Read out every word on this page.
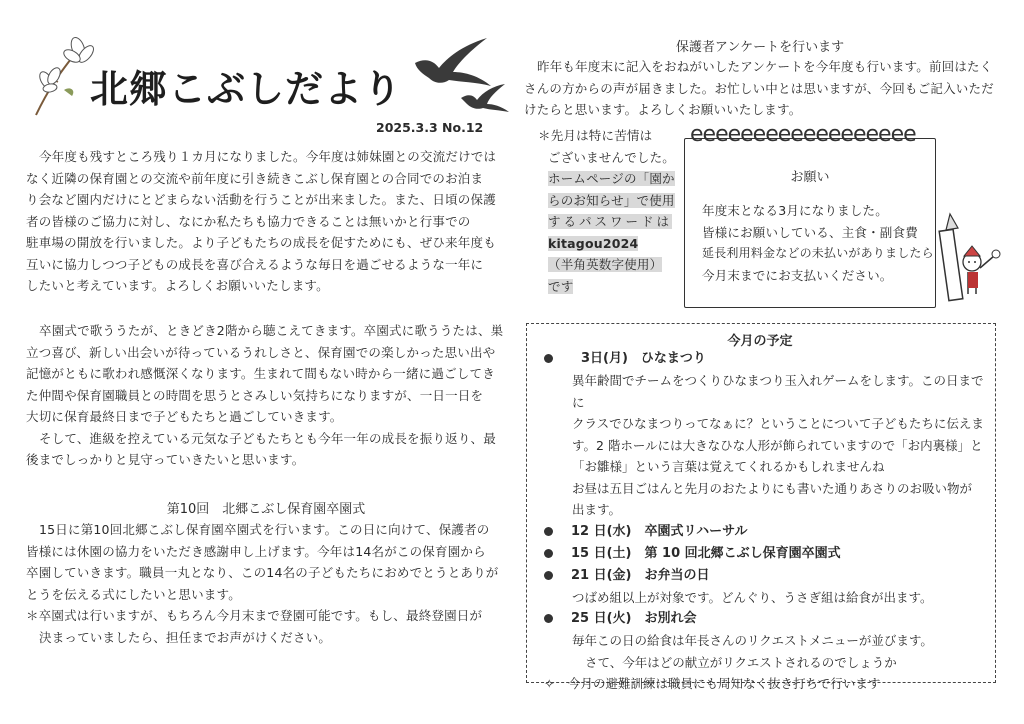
北郷こぶしだより
2025.3.3 No.12

今年度も残すところ残り１カ月になりました。今年度は姉妹園との交流だけでは

なく近隣の保育園との交流や前年度に引き続きこぶし保育園との合同でのお泊ま

り会など園内だけにとどまらない活動を行うことが出来ました。また、日頃の保護

者の皆様のご協力に対し、なにか私たちも協力できることは無いかと行事での

駐車場の開放を行いました。より子どもたちの成長を促すためにも、ぜひ来年度も

互いに協力しつつ子どもの成長を喜び合えるような毎日を過ごせるような一年に

したいと考えています。よろしくお願いいたします。

卒園式で歌ううたが、ときどき2階から聴こえてきます。卒園式に歌ううたは、巣

立つ喜び、新しい出会いが待っているうれしさと、保育園での楽しかった思い出や

記憶がともに歌われ感慨深くなります。生まれて間もない時から一緒に過ごしてき

た仲間や保育園職員との時間を思うとさみしい気持ちになりますが、一日一日を

大切に保育最終日まで子どもたちと過ごしていきます。

そして、進級を控えている元気な子どもたちとも今年一年の成長を振り返り、最

後までしっかりと見守っていきたいと思います。

第10回　北郷こぶし保育園卒園式

15日に第10回北郷こぶし保育園卒園式を行います。この日に向けて、保護者の

皆様には休園の協力をいただき感謝申し上げます。今年は14名がこの保育園から

卒園していきます。職員一丸となり、この14名の子どもたちにおめでとうとありが

とうを伝える式にしたいと思います。

＊卒園式は行いますが、もちろん今月末まで登園可能です。もし、最終登園日が

決まっていましたら、担任までお声がけください。

保護者アンケートを行います

昨年も年度末に記入をおねがいしたアンケートを今年度も行います。前回はたく

さんの方からの声が届きました。お忙しい中とは思いますが、今回もご記入いただ

けたらと思います。よろしくお願いいたします。

＊先月は特に苦情は

ございませんでした。

ホームページの「園か

らのお知らせ」で使用

するパスワードは

kitagou2024

（半角英数字使用）

です

eeeeeeeeeeeeeeeeee
お願い

年度末となる3月になりました。

皆様にお願いしている、主食・副食費

延長利用料金などの未払いがありましたら

今月末までにお支払いください。

今月の予定
3日(月)　ひなまつり
異年齢間でチームをつくりひなまつり玉入れゲームをします。この日までに
クラスでひなまつりってなぁに？ということについて子どもたちに伝えま
す。2 階ホールには大きなひな人形が飾られていますので「お内裏様」と
「お雛様」という言葉は覚えてくれるかもしれませんね
お昼は五目ごはんと先月のおたよりにも書いた通りあさりのお吸い物が
出ます。
12 日(水)　卒園式リハーサル
15 日(土)　第 10 回北郷こぶし保育園卒園式
21 日(金)　お弁当の日
つばめ組以上が対象です。どんぐり、うさぎ組は給食が出ます。
25 日(火)　お別れ会
毎年この日の給食は年長さんのリクエストメニューが並びます。
さて、今年はどの献立がリクエストされるのでしょうか
✧ 今月の避難訓練は職員にも周知なく抜き打ちで行います
